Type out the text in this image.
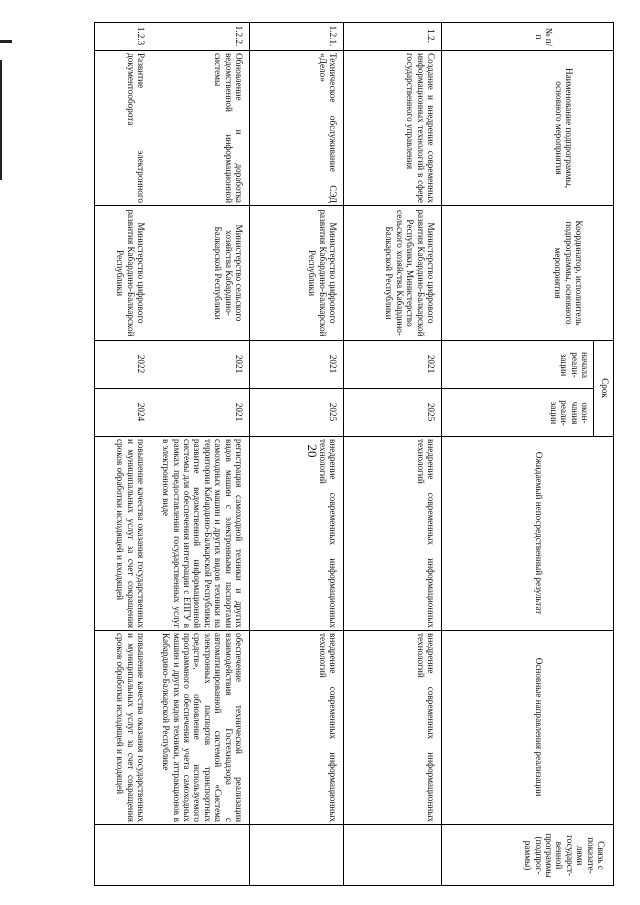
20
№ п/п
Наименование подпрограммы, основного мероприятия
Координатор, исполнитель подпрограммы, основного мероприятия
Срок
начала реали-зации
окон-чания реали-зации
Ожидаемый непосредственный результат
Основные направления реализации
Связь с показате-лями государст-венной программы (подпрог-раммы)
1.2.
Создание и внедрение современных информационных технологий в сфере государственного управления
Министерство цифрового развития Кабардино-Балкарской Республики, Министерство сельского хозяйства Кабардино-Балкарской Республики
2021
2025
внедрение современных информационных технологий
внедрение современных информационных технологий
1.2.1.
Техническое обслуживание СЭД «Дело»
Министерство цифрового развития Кабардино-Балкарской Республики
2021
2025
внедрение современных информационных технологий
внедрение современных информационных технологий
1.2.2.
Обновление и доработка ведомственной информационной системы
Министерство сельского хозяйства Кабардино-Балкарской Республики
2021
2021
регистрация самоходной техники и других видов машин с электронными паспортами самоходных машин и других видов техники на территории Кабардино-Балкарской Республики; развитие ведомственной информационной системы для обеспечения интеграции с ЕПГУ в рамках предоставления государственных услуг в электронном виде
обеспечение технической реализации взаимодействия Гостехнадзора с автоматизированной системой «Система электронных паспортов транспортных средств», обновление используемого программного обеспечения учета самоходных машин и других видов техники, аттракционов в Кабардино-Балкарской Республике
1.2.3
Развитие электронного документооборота
Министерство цифрового развития Кабардино-Балкарской Республики
2022
2024
повышение качества оказания государственных и муниципальных услуг за счет сокращения сроков обработки исходящей и входящей
повышение качества оказания государственных и муниципальных услуг за счет сокращения сроков обработки исходящей и входящей
